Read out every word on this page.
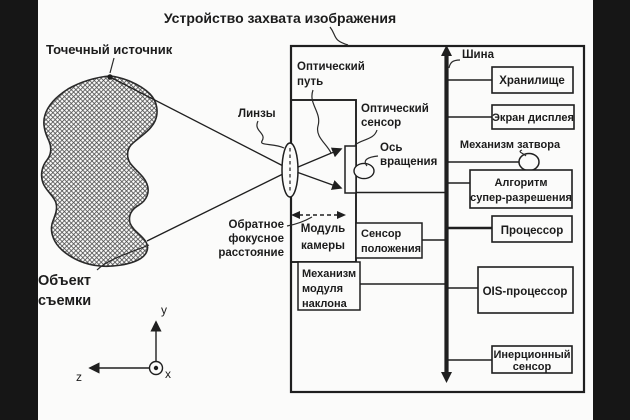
Точечный источник
Объект
съемки
y
z	x
Устройство захвата изображения
Линзы
Оптический
путь
Оптический
сенсор
Ось
вращения
Обратное
фокусное
расстояние
Модуль
камеры
Сенсор
положения
Механизм
модуля
наклона
Шина
Хранилище
Экран дисплея
Механизм затвора
Алгоритм
супер-разрешения
Процессор
OIS-процессор
Инерционный
сенсор
